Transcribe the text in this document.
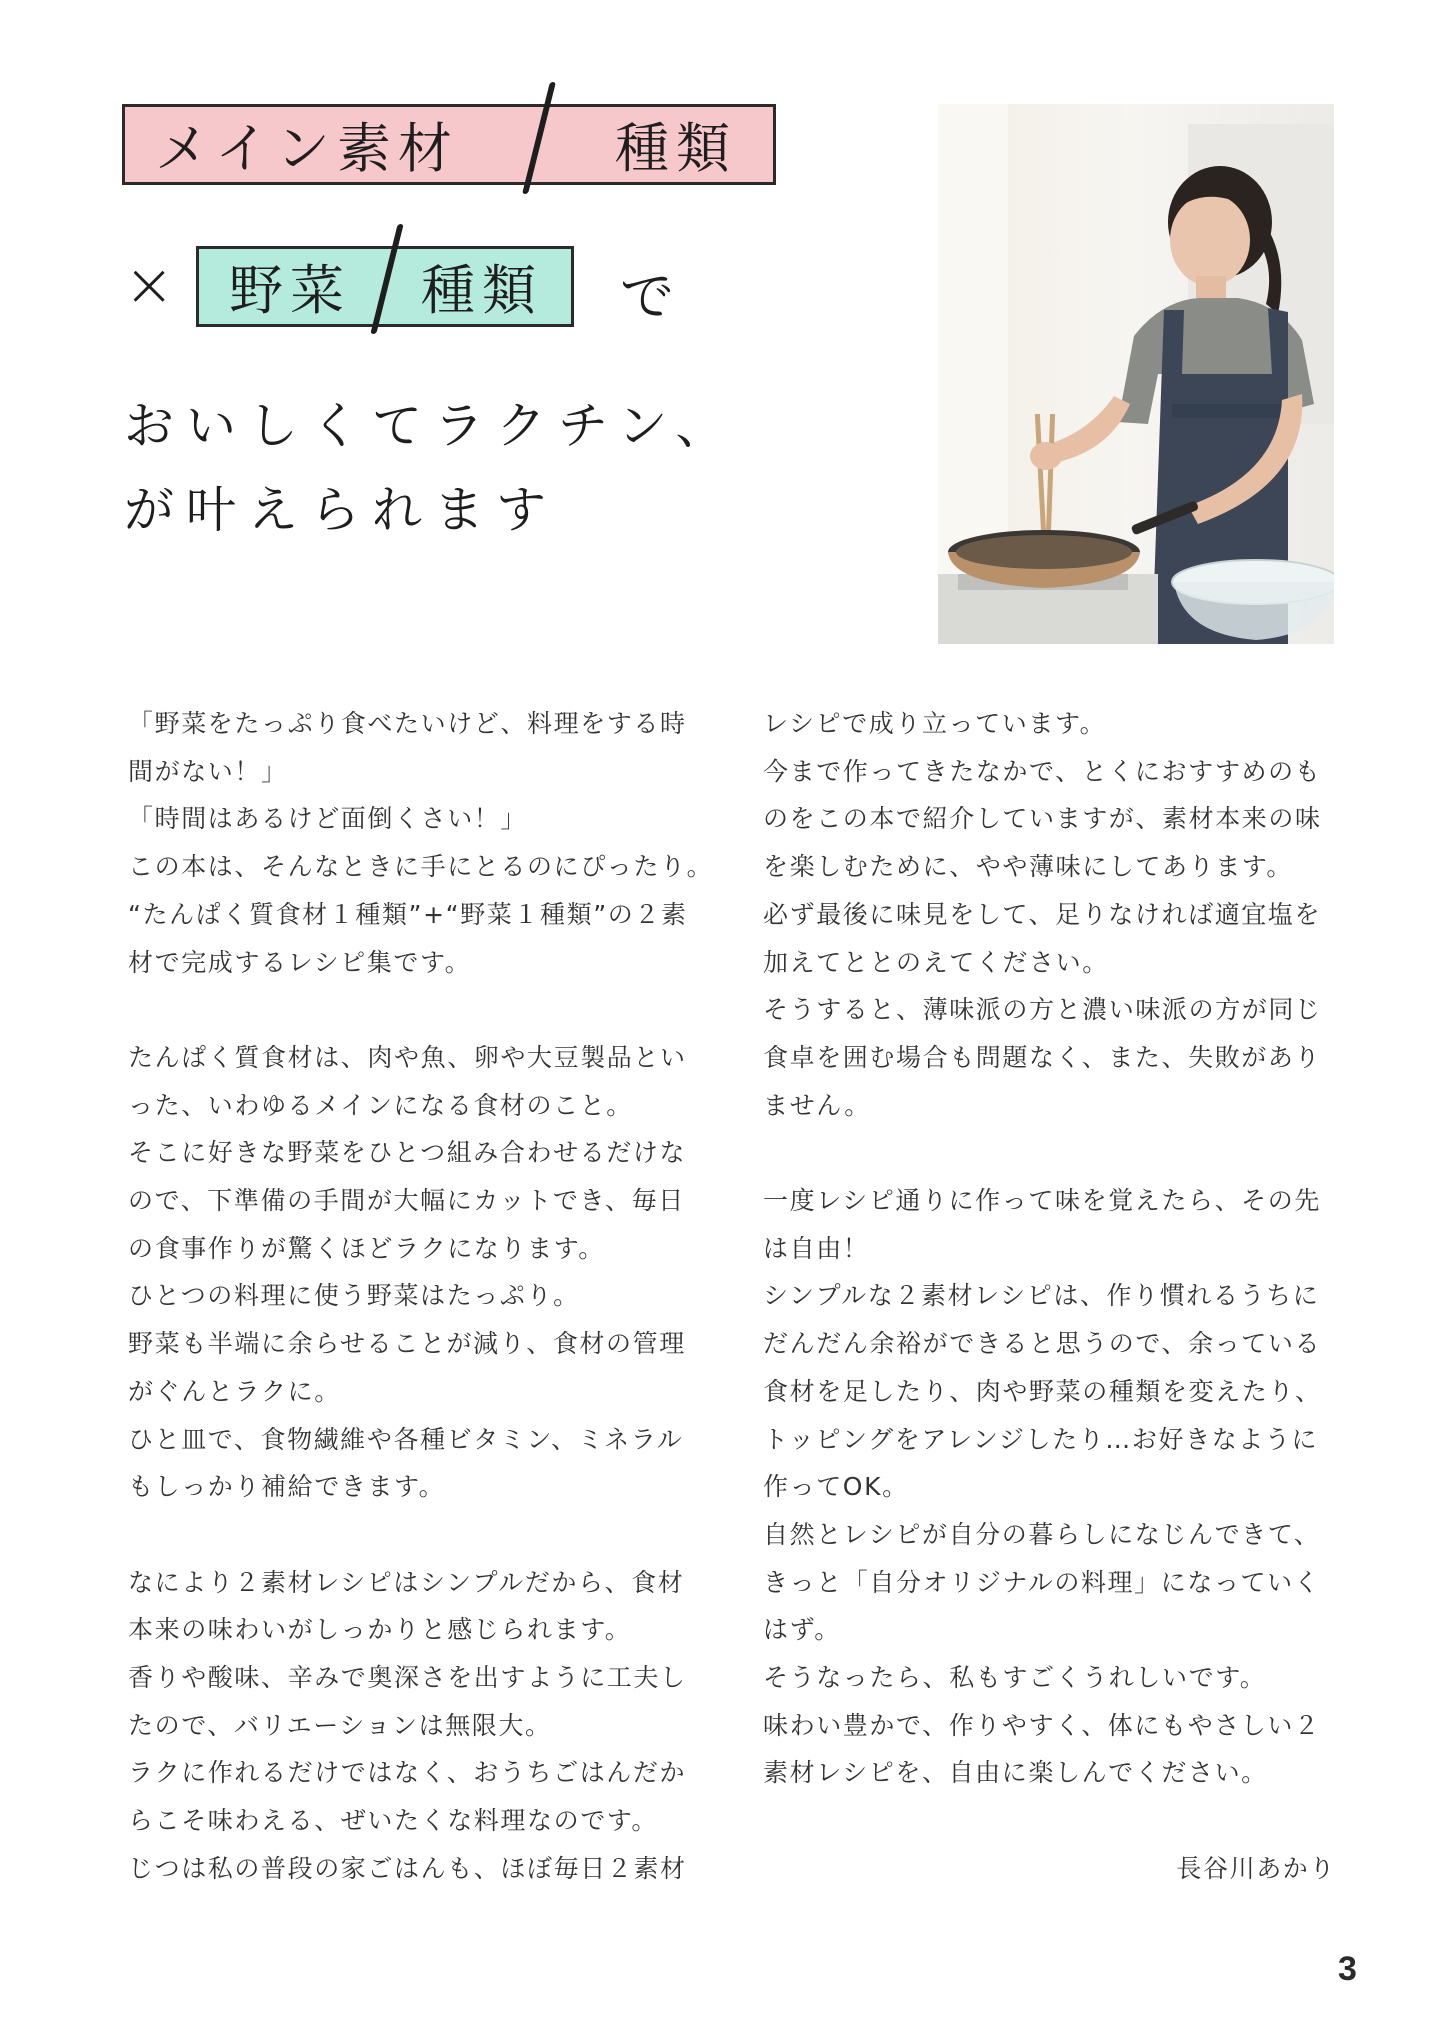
メイン素材	種類
× 野菜 種類 で
おいしくてラクチン、
が叶えられます

「野菜をたっぷり食べたいけど、料理をする時

間がない！」

「時間はあるけど面倒くさい！」

この本は、そんなときに手にとるのにぴったり。

“たんぱく質食材１種類”+“野菜１種類”の２素

材で完成するレシピ集です。

たんぱく質食材は、肉や魚、卵や大豆製品とい

った、いわゆるメインになる食材のこと。

そこに好きな野菜をひとつ組み合わせるだけな

ので、下準備の手間が大幅にカットでき、毎日

の食事作りが驚くほどラクになります。

ひとつの料理に使う野菜はたっぷり。

野菜も半端に余らせることが減り、食材の管理

がぐんとラクに。

ひと皿で、食物繊維や各種ビタミン、ミネラル

もしっかり補給できます。

なにより２素材レシピはシンプルだから、食材

本来の味わいがしっかりと感じられます。

香りや酸味、辛みで奥深さを出すように工夫し

たので、バリエーションは無限大。

ラクに作れるだけではなく、おうちごはんだか

らこそ味わえる、ぜいたくな料理なのです。

じつは私の普段の家ごはんも、ほぼ毎日２素材

レシピで成り立っています。

今まで作ってきたなかで、とくにおすすめのも

のをこの本で紹介していますが、素材本来の味

を楽しむために、やや薄味にしてあります。

必ず最後に味見をして、足りなければ適宜塩を

加えてととのえてください。

そうすると、薄味派の方と濃い味派の方が同じ

食卓を囲む場合も問題なく、また、失敗があり

ません。

一度レシピ通りに作って味を覚えたら、その先

は自由！

シンプルな２素材レシピは、作り慣れるうちに

だんだん余裕ができると思うので、余っている

食材を足したり、肉や野菜の種類を変えたり、

トッピングをアレンジしたり…お好きなように

作ってOK。

自然とレシピが自分の暮らしになじんできて、

きっと「自分オリジナルの料理」になっていく

はず。

そうなったら、私もすごくうれしいです。

味わい豊かで、作りやすく、体にもやさしい２

素材レシピを、自由に楽しんでください。

長谷川あかり

3
